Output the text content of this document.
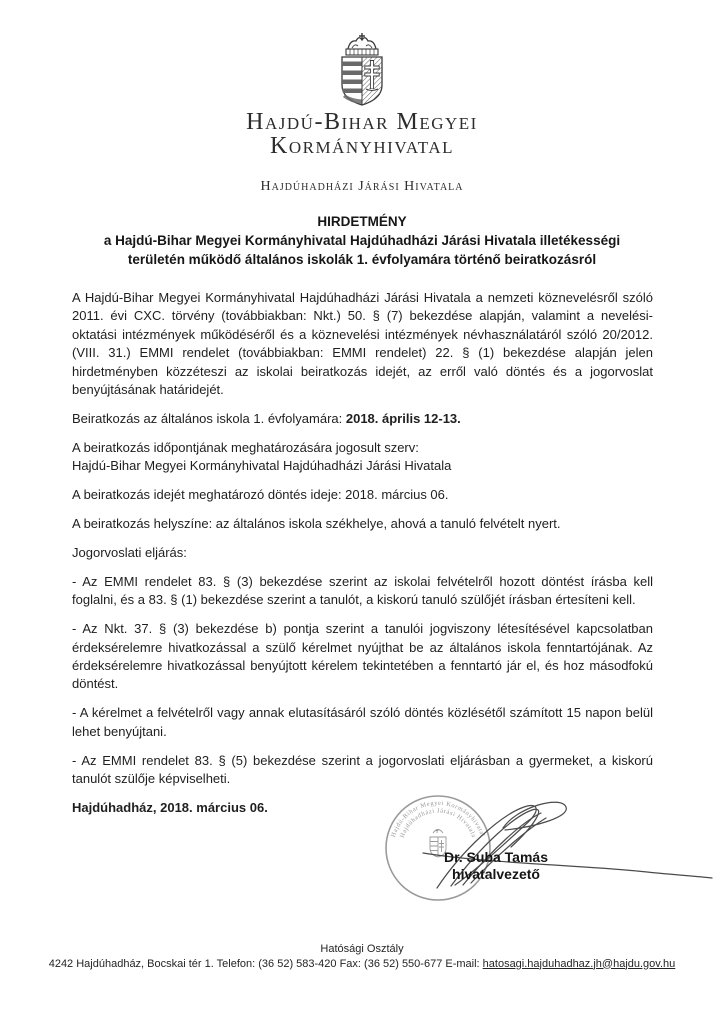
Hajdú-Bihar Megyei
Kormányhivatal
Hajdúhadházi Járási Hivatala
HIRDETMÉNY
a Hajdú-Bihar Megyei Kormányhivatal Hajdúhadházi Járási Hivatala illetékességi
területén működő általános iskolák 1. évfolyamára történő beiratkozásról

A Hajdú-Bihar Megyei Kormányhivatal Hajdúhadházi Járási Hivatala a nemzeti köznevelésről szóló 2011. évi CXC. törvény (továbbiakban: Nkt.) 50. § (7) bekezdése alapján, valamint a nevelési-oktatási intézmények működéséről és a köznevelési intézmények névhasználatáról szóló 20/2012. (VIII. 31.) EMMI rendelet (továbbiakban: EMMI rendelet) 22. § (1) bekezdése alapján jelen hirdetményben közzéteszi az iskolai beiratkozás idejét, az erről való döntés és a jogorvoslat benyújtásának határidejét.

Beiratkozás az általános iskola 1. évfolyamára: 2018. április 12-13.

A beiratkozás időpontjának meghatározására jogosult szerv:
Hajdú-Bihar Megyei Kormányhivatal Hajdúhadházi Járási Hivatala

A beiratkozás idejét meghatározó döntés ideje: 2018. március 06.

A beiratkozás helyszíne: az általános iskola székhelye, ahová a tanuló felvételt nyert.

Jogorvoslati eljárás:

- Az EMMI rendelet 83. § (3) bekezdése szerint az iskolai felvételről hozott döntést írásba kell foglalni, és a 83. § (1) bekezdése szerint a tanulót, a kiskorú tanuló szülőjét írásban értesíteni kell.

- Az Nkt. 37. § (3) bekezdése b) pontja szerint a tanulói jogviszony létesítésével kapcsolatban érdeksérelemre hivatkozással a szülő kérelmet nyújthat be az általános iskola fenntartójának. Az érdeksérelemre hivatkozással benyújtott kérelem tekintetében a fenntartó jár el, és hoz másodfokú döntést.

- A kérelmet a felvételről vagy annak elutasításáról szóló döntés közlésétől számított 15 napon belül lehet benyújtani.

- Az EMMI rendelet 83. § (5) bekezdése szerint a jogorvoslati eljárásban a gyermeket, a kiskorú tanulót szülője képviselheti.

Hajdúhadház, 2018. március 06.

Hajdú-Bihar Megyei Kormányhivatal
Hajdúhadházi Járási Hivatala
Dr. Suba Tamás
hivatalvezető
Hatósági Osztály
4242 Hajdúhadház, Bocskai tér 1. Telefon: (36 52) 583-420 Fax: (36 52) 550-677 E-mail: hatosagi.hajduhadhaz.jh@hajdu.gov.hu
